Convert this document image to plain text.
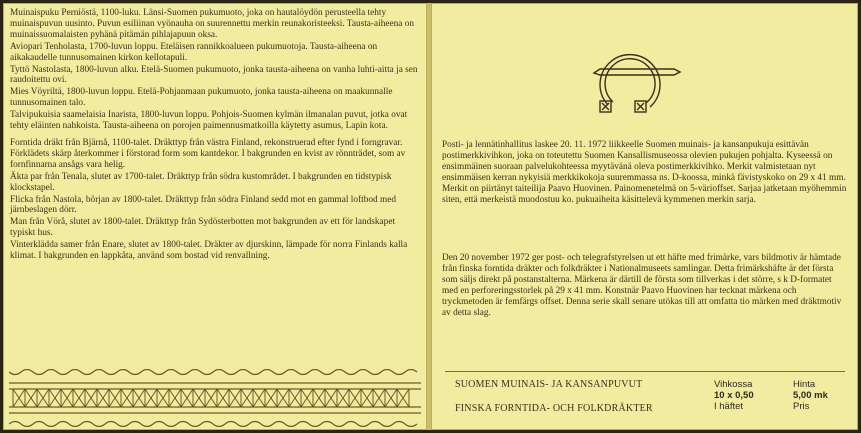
Muinaispuku Perniöstä, 1100-luku. Länsi-Suomen pukumuoto, joka on hautalöydön perusteella tehty muinaispuvun uusinto. Puvun esiliinan vyönauha on suurennettu merkin reunakoristeeksi. Tausta-aiheena on muinaissuomalaisten pyhänä pitämän pihlajapuun oksa.

Aviopari Tenholasta, 1700-luvun loppu. Eteläisen rannikkoalueen pukumuotoja. Tausta-aiheena on aikakaudelle tunnusomainen kirkon kellotapuli.

Tyttö Nastolasta, 1800-luvun alku. Etelä-Suomen pukumuoto, jonka tausta-aiheena on vanha luhti-aitta ja sen raudoitettu ovi.

Mies Vöyriltä, 1800-luvun loppu. Etelä-Pohjanmaan pukumuoto, jonka tausta-aiheena on maakunnalle tunnusomainen talo.

Talvipukuisia saamelaisia Inarista, 1800-luvun loppu. Pohjois-Suomen kylmän ilmanalan puvut, jotka ovat tehty eläinten nahkoista. Tausta-aiheena on porojen paimennusmatkoilla käytetty asumus, Lapin kota.

Forntida dräkt från Bjärnå, 1100-talet. Dräkttyp från västra Finland, rekonstruerad efter fynd i forngravar. Förklädets skärp återkommer i förstorad form som kantdekor. I bakgrunden en kvist av rönnträdet, som av fornfinnarna ansågs vara helig.

Äkta par från Tenala, slutet av 1700-talet. Dräkttyp från södra kustområdet. I bakgrunden en tidstypisk klockstapel.

Flicka från Nastola, början av 1800-talet. Dräkttyp från södra Finland sedd mot en gammal loftbod med järnbeslagen dörr.

Man från Vörå, slutet av 1800-talet. Dräkttyp från Sydösterbotten mot bakgrunden av ett för landskapet typiskt hus.

Vinterklädda samer från Enare, slutet av 1800-talet. Dräkter av djurskinn, lämpade för norra Finlands kalla klimat. I bakgrunden en lappkåta, använd som bostad vid renvallning.

Posti- ja lennätinhallitus laskee 20. 11. 1972 liikkeelle Suomen muinais- ja kansanpukuja esittävän postimerkkivihkon, joka on toteutettu Suomen Kansallismuseossa olevien pukujen pohjalta. Kyseessä on ensimmäinen suoraan palvelukohteessa myytävänä oleva postimerkkivihko. Merkit valmistetaan nyt ensimmäisen kerran nykyisiä merkkikokoja suuremmassa ns. D-koossa, minkä fävistyskoko on 29 x 41 mm. Merkit on piirtänyt taiteilija Paavo Huovinen. Painomenetelmä on 5-värioffset. Sarjaa jatketaan myöhemmin siten, että merkeistä muodostuu ko. pukuaiheita käsittelevä kymmenen merkin sarja.
Den 20 november 1972 ger post- och telegrafstyrelsen ut ett häfte med frimärke, vars bildmotiv är hämtade från finska forntida dräkter och folkdräkter i Nationalmuseets samlingar. Detta frimärkshäfte är det första som säljs direkt på postanstalterna. Märkena är därtill de första som tillverkas i det större, s k D-formatet med en perforeringsstorlek på 29 x 41 mm. Konstnär Paavo Huovinen har tecknat märkena och tryckmetoden är femfärgs offset. Denna serie skall senare utökas till att omfatta tio märken med dräktmotiv av detta slag.
SUOMEN MUINAIS- JA KANSANPUVUT
FINSKA FORNTIDA- OCH FOLKDRÄKTER
Vihkossa
10 x 0,50
I häftet
Hinta
5,00 mk
Pris
